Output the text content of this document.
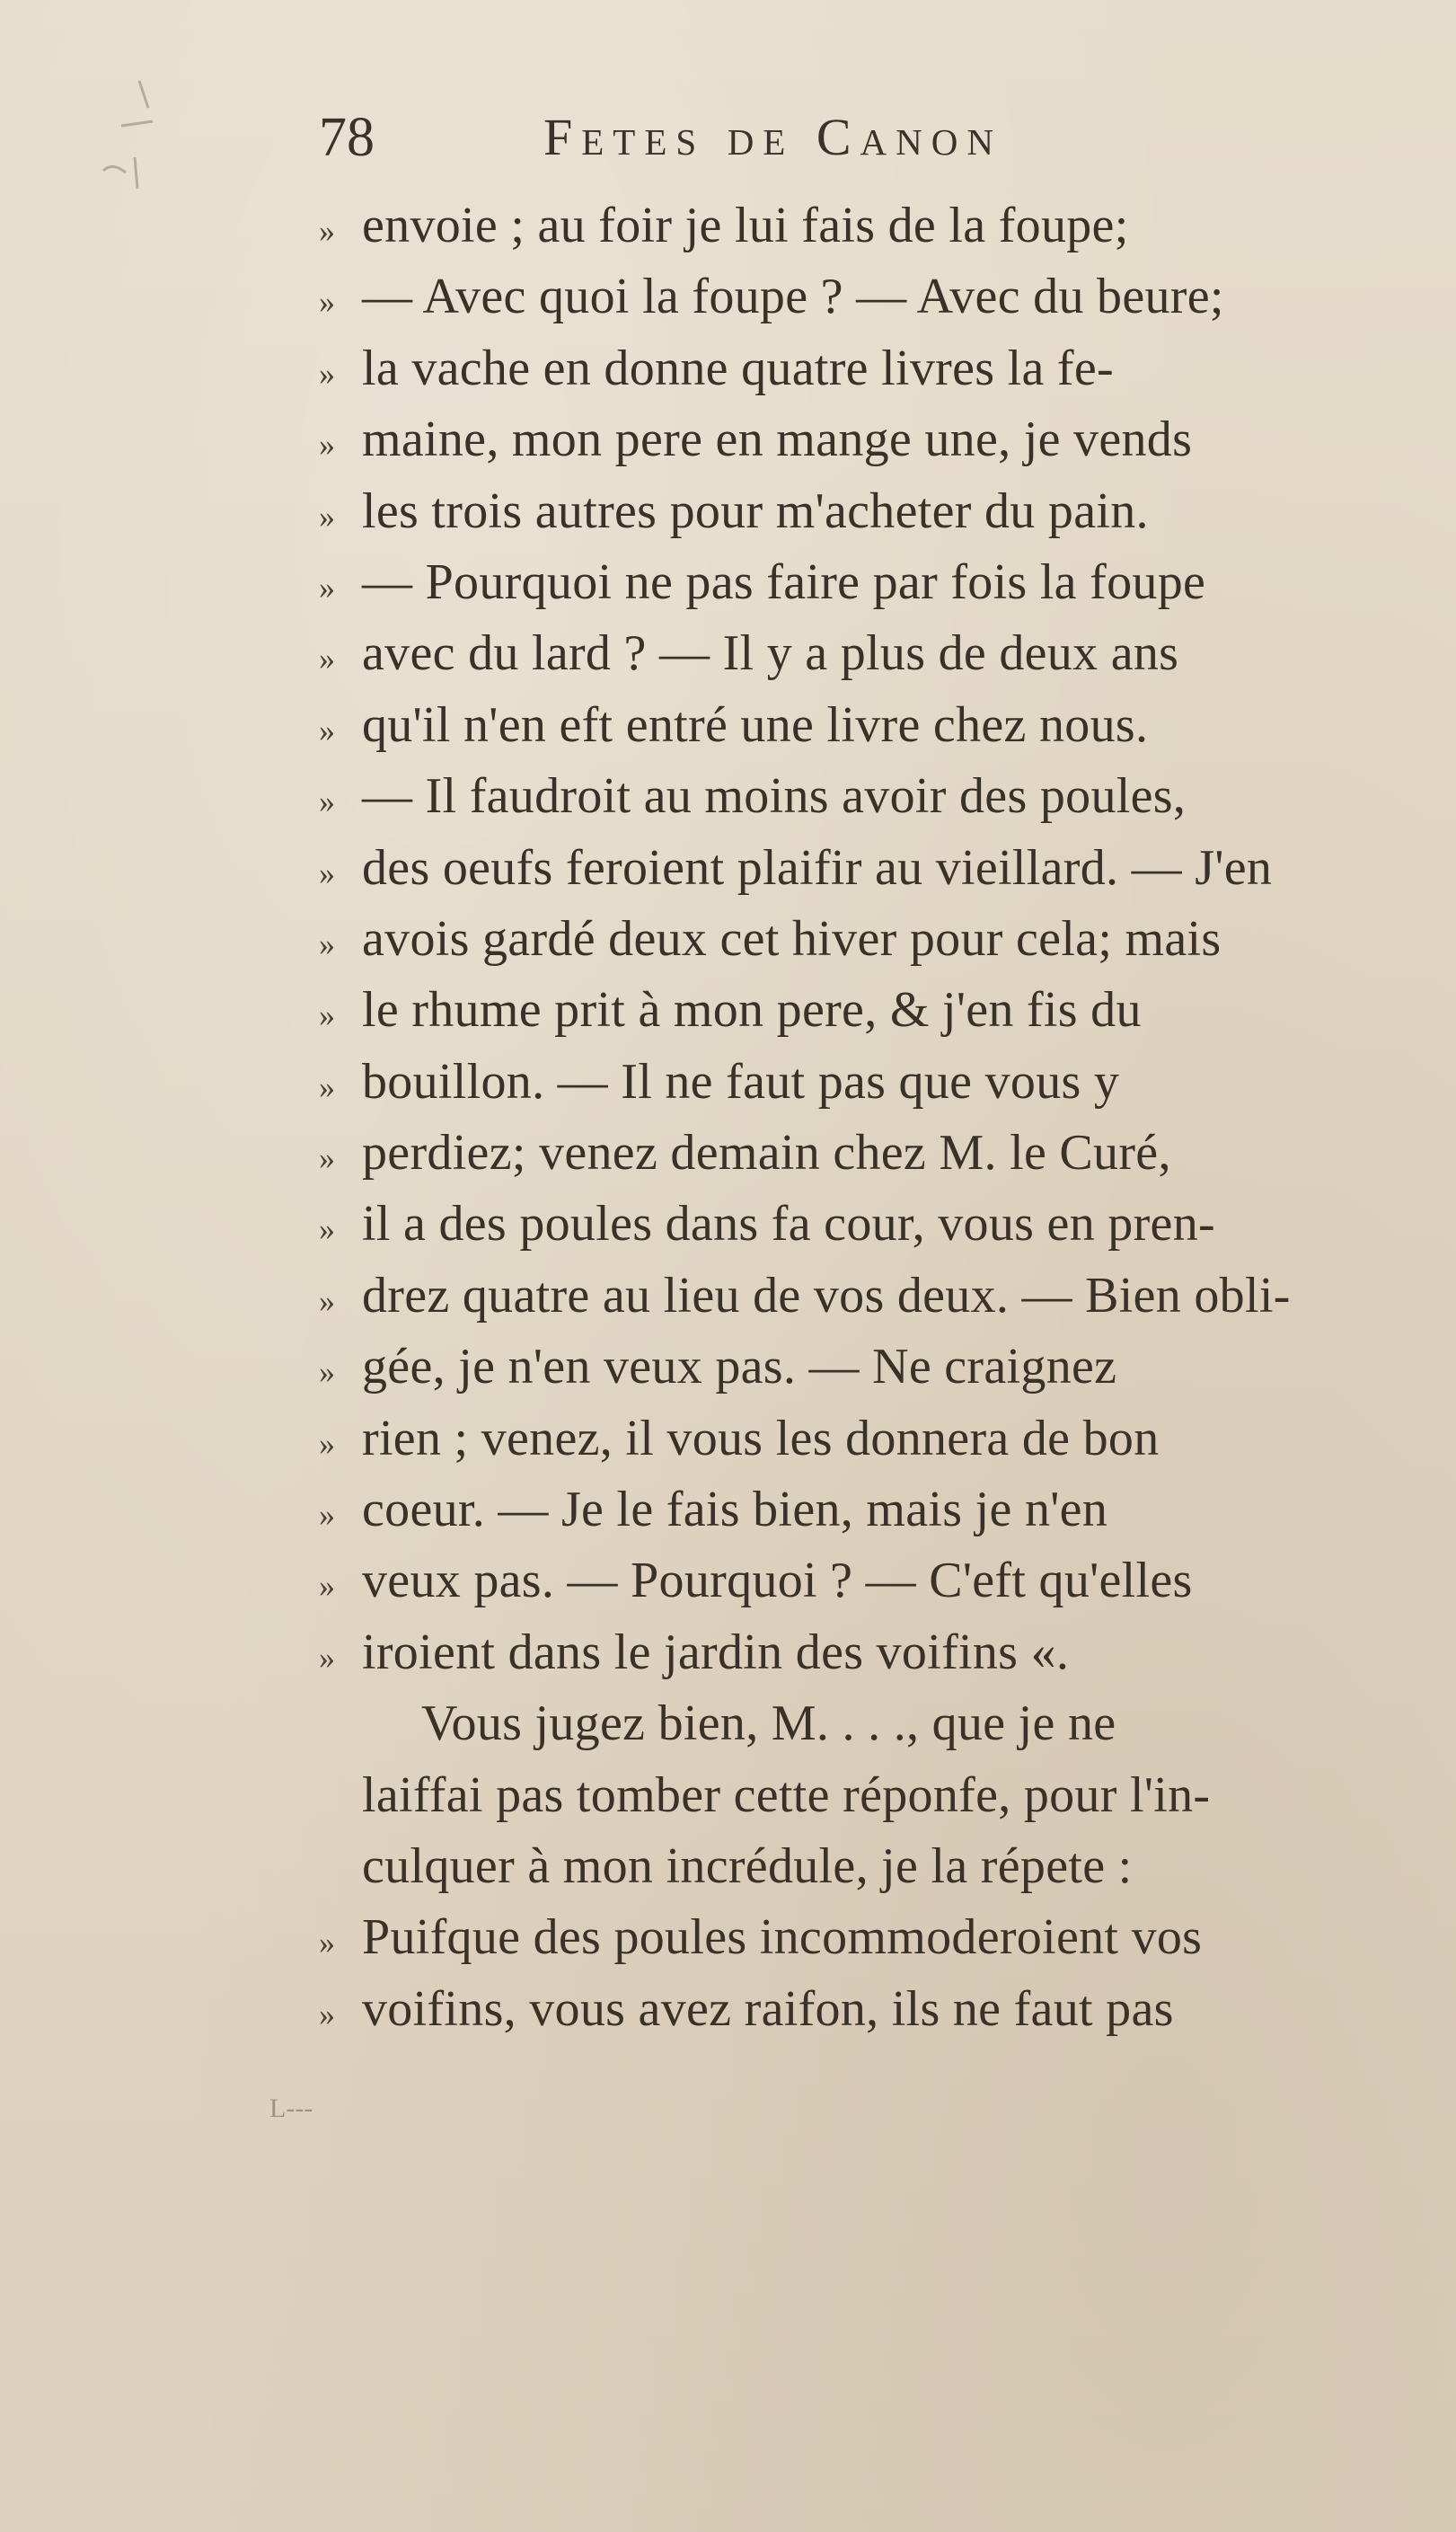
78	Fetes de Canon
» envoie ; au foir je lui fais de la foupe;
» — Avec quoi la foupe ? — Avec du beure;
» la vache en donne quatre livres la fe-
» maine, mon pere en mange une, je vends
» les trois autres pour m'acheter du pain.
» — Pourquoi ne pas faire par fois la foupe
» avec du lard ? — Il y a plus de deux ans
» qu'il n'en eft entré une livre chez nous.
» — Il faudroit au moins avoir des poules,
» des oeufs feroient plaifir au vieillard. — J'en
» avois gardé deux cet hiver pour cela; mais
» le rhume prit à mon pere, & j'en fis du
» bouillon. — Il ne faut pas que vous y
» perdiez; venez demain chez M. le Curé,
» il a des poules dans fa cour, vous en pren-
» drez quatre au lieu de vos deux. — Bien obli-
» gée, je n'en veux pas. — Ne craignez
» rien ; venez, il vous les donnera de bon
» coeur. — Je le fais bien, mais je n'en
» veux pas. — Pourquoi ? — C'eft qu'elles
» iroient dans le jardin des voifins «.
Vous jugez bien, M. . . ., que je ne
laiffai pas tomber cette réponfe, pour l'in-
culquer à mon incrédule, je la répete :
» Puifque des poules incommoderoient vos
» voifins, vous avez raifon, ils ne faut pas
L---
